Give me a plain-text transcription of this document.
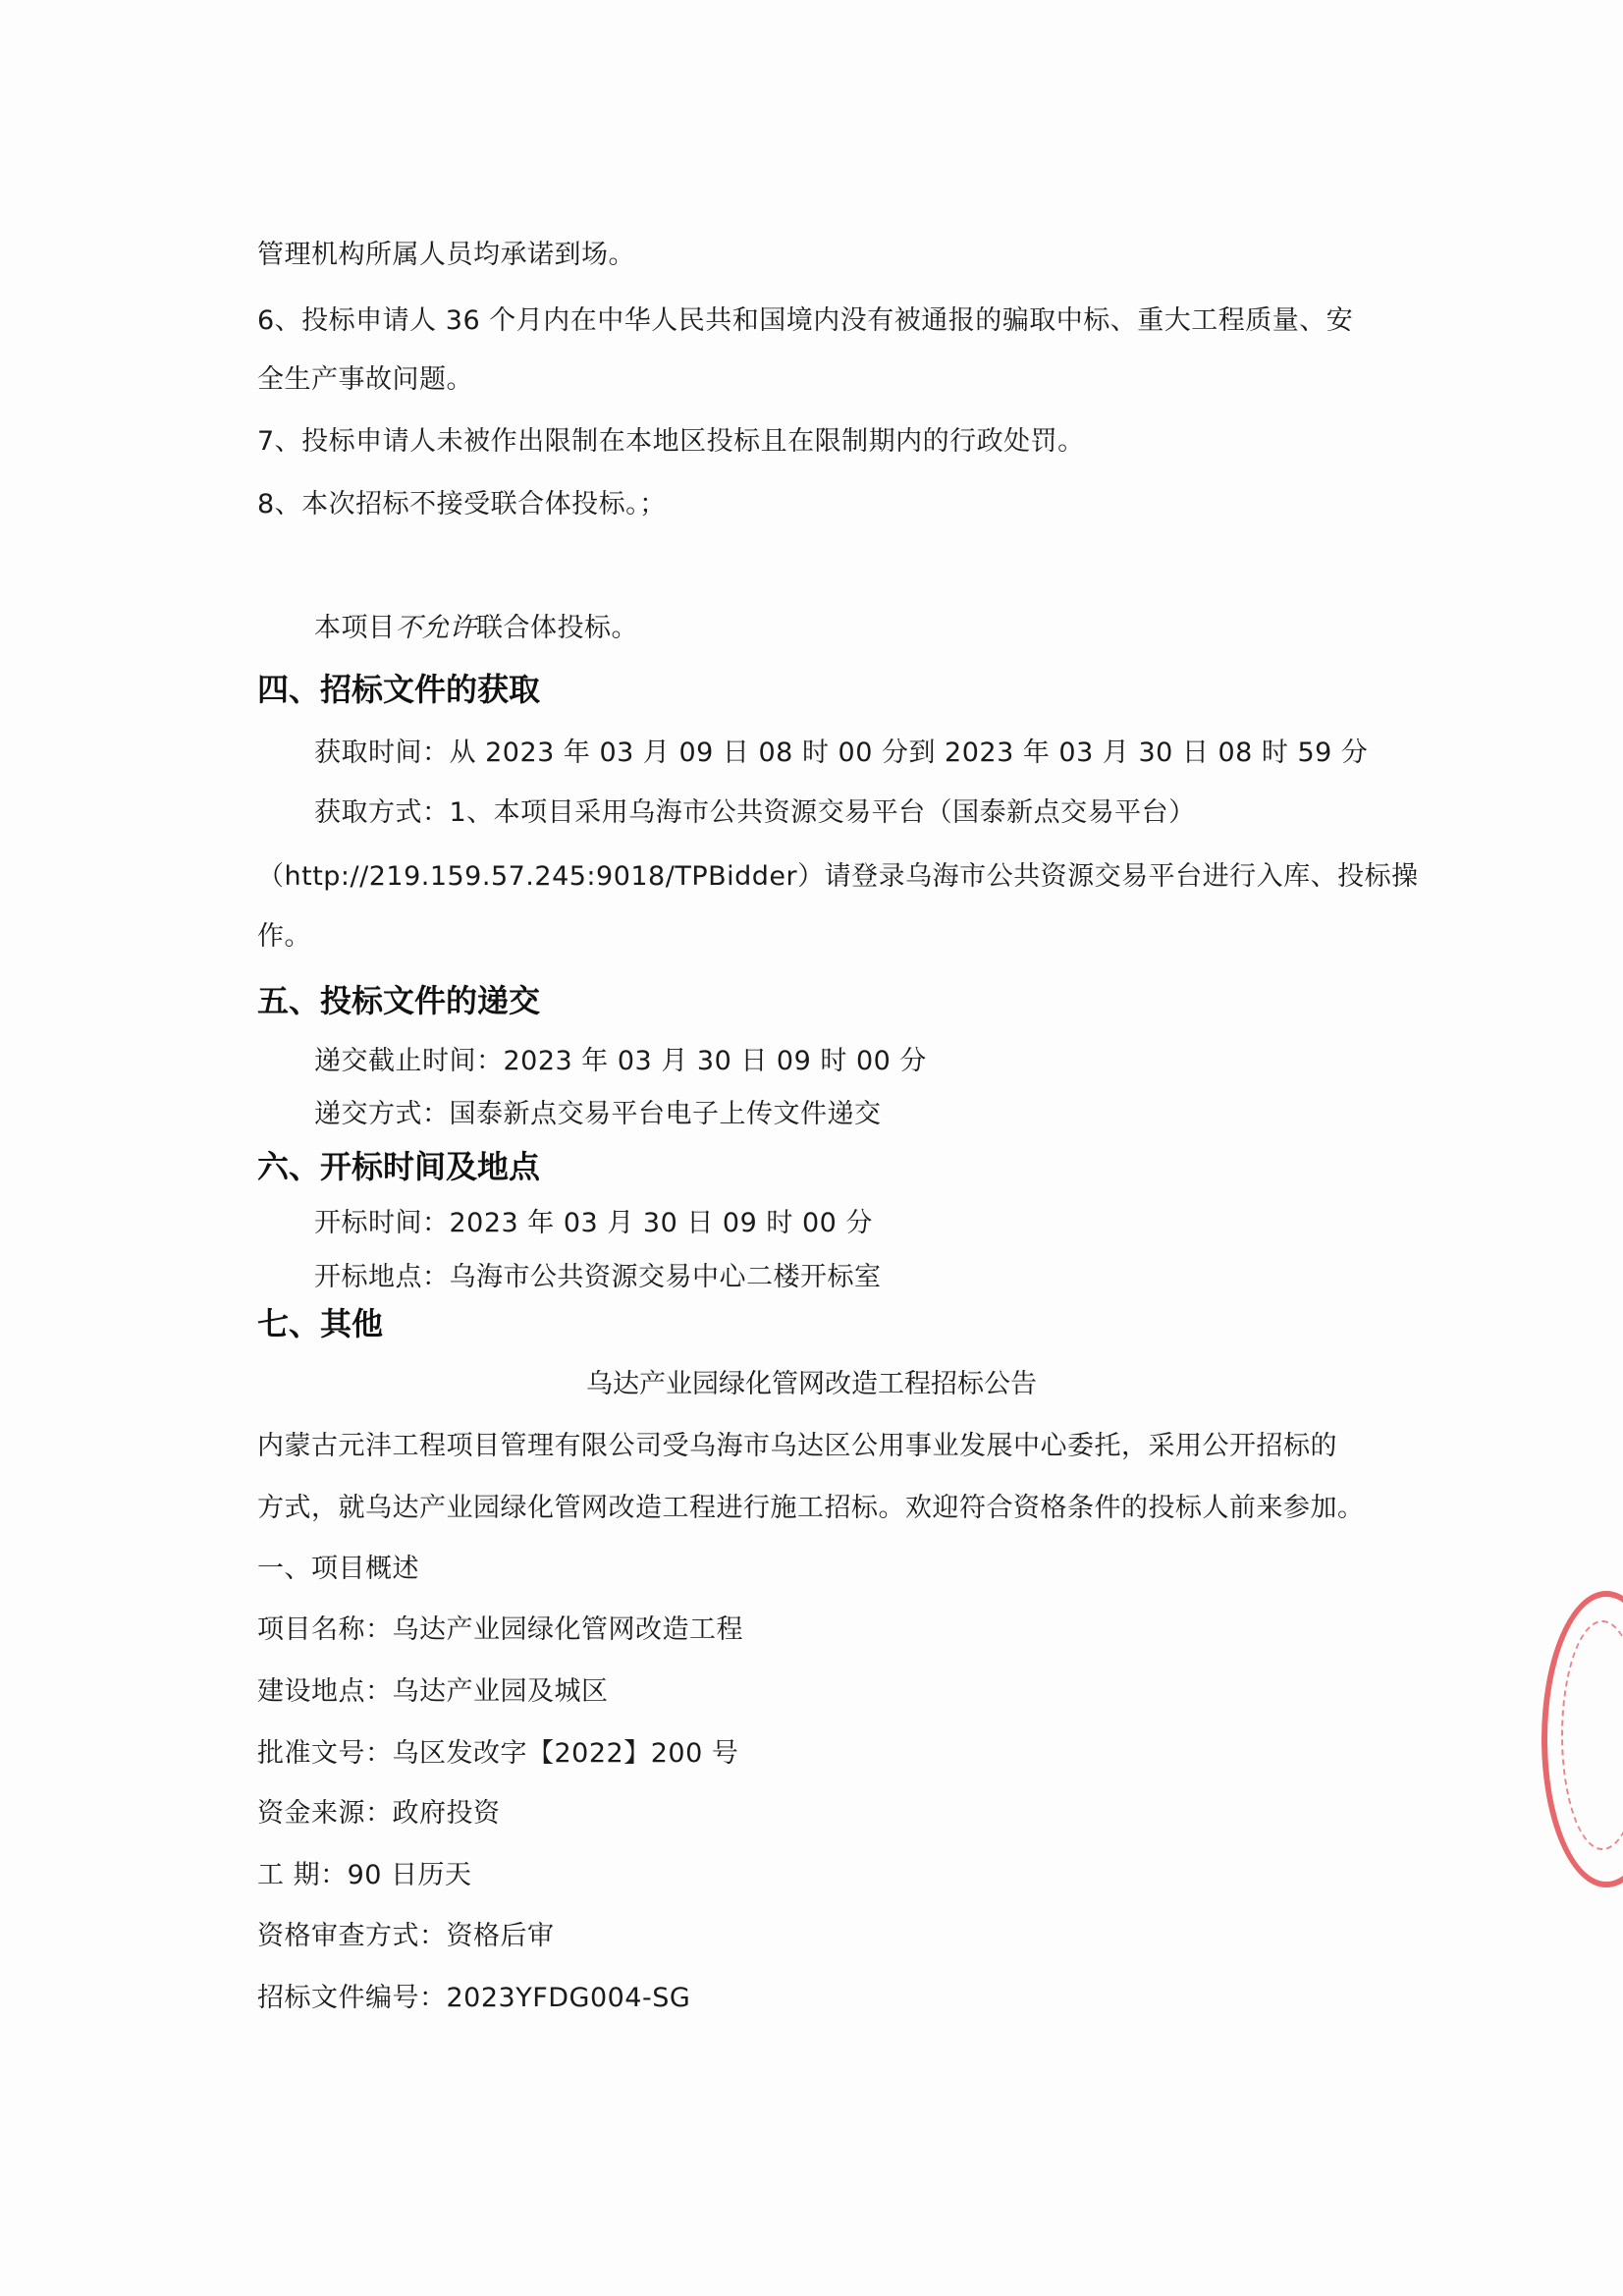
管理机构所属人员均承诺到场。
6、投标申请人 36 个月内在中华人民共和国境内没有被通报的骗取中标、重大工程质量、安
全生产事故问题。
7、投标申请人未被作出限制在本地区投标且在限制期内的行政处罚。
8、本次招标不接受联合体投标。；
本项目不允许联合体投标。
四、招标文件的获取
获取时间：从 2023 年 03 月 09 日 08 时 00 分到 2023 年 03 月 30 日 08 时 59 分
获取方式：1、本项目采用乌海市公共资源交易平台（国泰新点交易平台）
（http://219.159.57.245:9018/TPBidder）请登录乌海市公共资源交易平台进行入库、投标操
作。
五、投标文件的递交
递交截止时间：2023 年 03 月 30 日 09 时 00 分
递交方式：国泰新点交易平台电子上传文件递交
六、开标时间及地点
开标时间：2023 年 03 月 30 日 09 时 00 分
开标地点：乌海市公共资源交易中心二楼开标室
七、其他
乌达产业园绿化管网改造工程招标公告
内蒙古元沣工程项目管理有限公司受乌海市乌达区公用事业发展中心委托，采用公开招标的
方式，就乌达产业园绿化管网改造工程进行施工招标。欢迎符合资格条件的投标人前来参加。
一、项目概述
项目名称：乌达产业园绿化管网改造工程
建设地点：乌达产业园及城区
批准文号：乌区发改字【2022】200 号
资金来源：政府投资
工 期：90 日历天
资格审查方式：资格后审
招标文件编号：2023YFDG004-SG
